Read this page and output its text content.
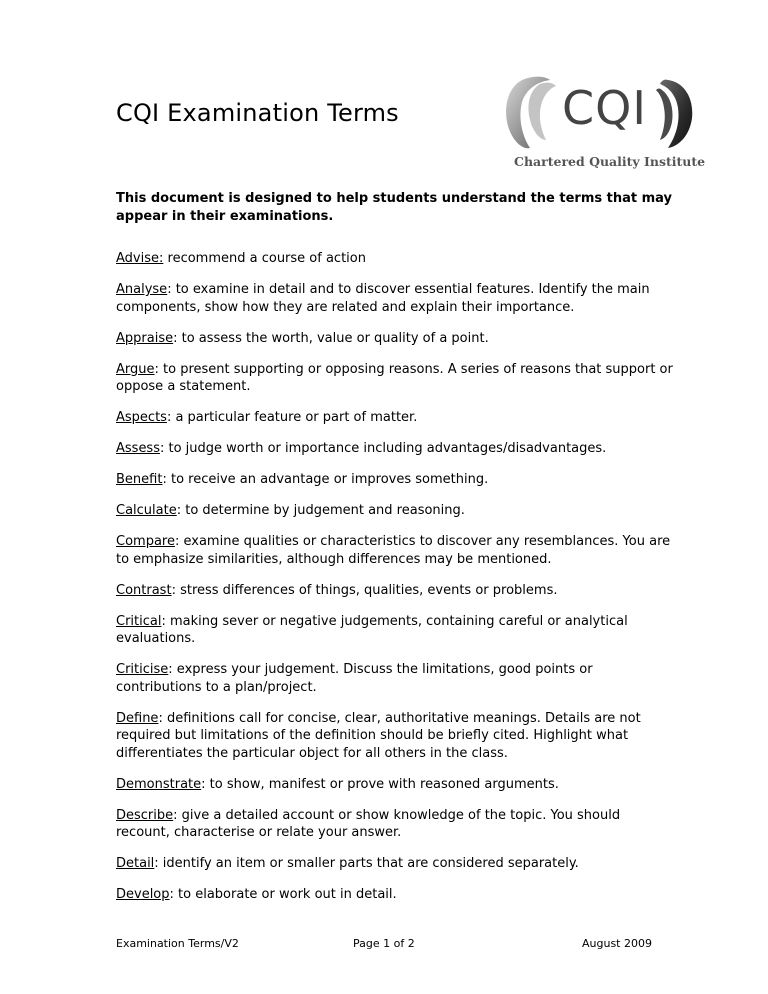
CQI Examination Terms	CQI
Chartered Quality Institute

This document is designed to help students understand the terms that may appear in their examinations.

Advise: recommend a course of action
Analyse: to examine in detail and to discover essential features. Identify the main components, show how they are related and explain their importance.
Appraise: to assess the worth, value or quality of a point.
Argue: to present supporting or opposing reasons. A series of reasons that support or oppose a statement.
Aspects: a particular feature or part of matter.
Assess: to judge worth or importance including advantages/disadvantages.
Benefit: to receive an advantage or improves something.
Calculate: to determine by judgement and reasoning.
Compare: examine qualities or characteristics to discover any resemblances. You are to emphasize similarities, although differences may be mentioned.
Contrast: stress differences of things, qualities, events or problems.
Critical: making sever or negative judgements, containing careful or analytical evaluations.
Criticise: express your judgement. Discuss the limitations, good points or contributions to a plan/project.
Define: definitions call for concise, clear, authoritative meanings. Details are not required but limitations of the definition should be briefly cited. Highlight what differentiates the particular object for all others in the class.
Demonstrate: to show, manifest or prove with reasoned arguments.
Describe: give a detailed account or show knowledge of the topic. You should recount, characterise or relate your answer.
Detail: identify an item or smaller parts that are considered separately.
Develop: to elaborate or work out in detail.
Examination Terms/V2	Page 1 of 2	August 2009
